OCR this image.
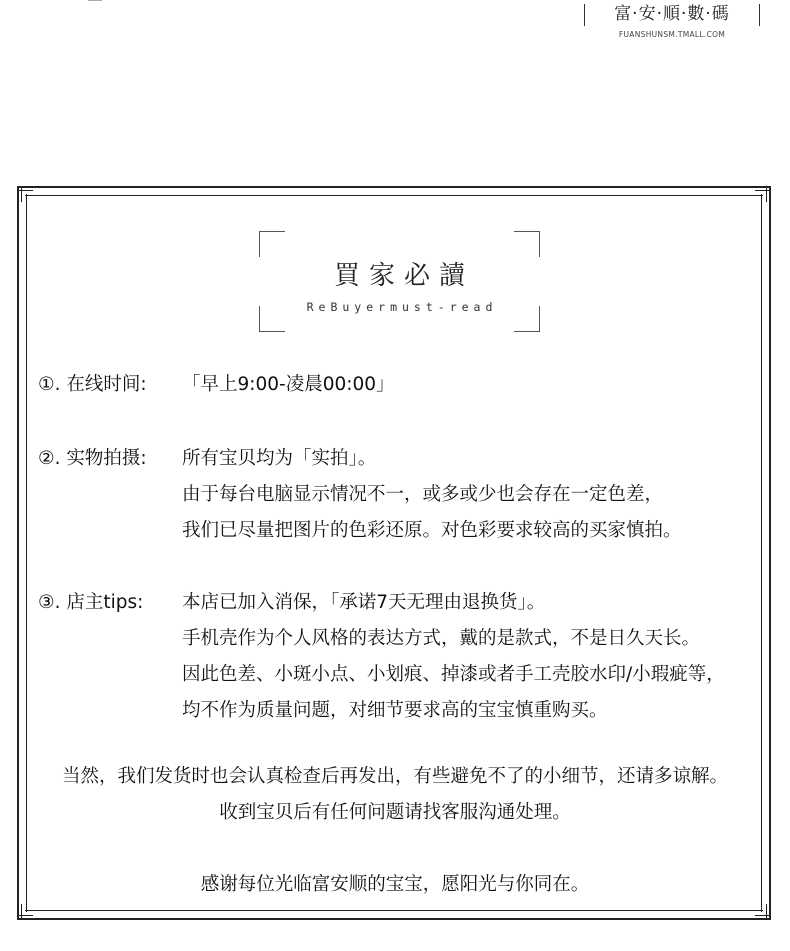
富·安·順·數·碼
FUANSHUNSM.TMALL.COM
買家必讀
ReBuyermust-read
①. 在线时间: 「早上9:00-凌晨00:00」
②. 实物拍摄: 所有宝贝均为「实拍」。
由于每台电脑显示情况不一，或多或少也会存在一定色差，
我们已尽量把图片的色彩还原。对色彩要求较高的买家慎拍。
③. 店主tips: 本店已加入消保，「承诺7天无理由退换货」。
手机壳作为个人风格的表达方式，戴的是款式，不是日久天长。
因此色差、小斑小点、小划痕、掉漆或者手工壳胶水印/小瑕疵等，
均不作为质量问题，对细节要求高的宝宝慎重购买。
当然，我们发货时也会认真检查后再发出，有些避免不了的小细节，还请多谅解。
收到宝贝后有任何问题请找客服沟通处理。
感谢每位光临富安顺的宝宝，愿阳光与你同在。
